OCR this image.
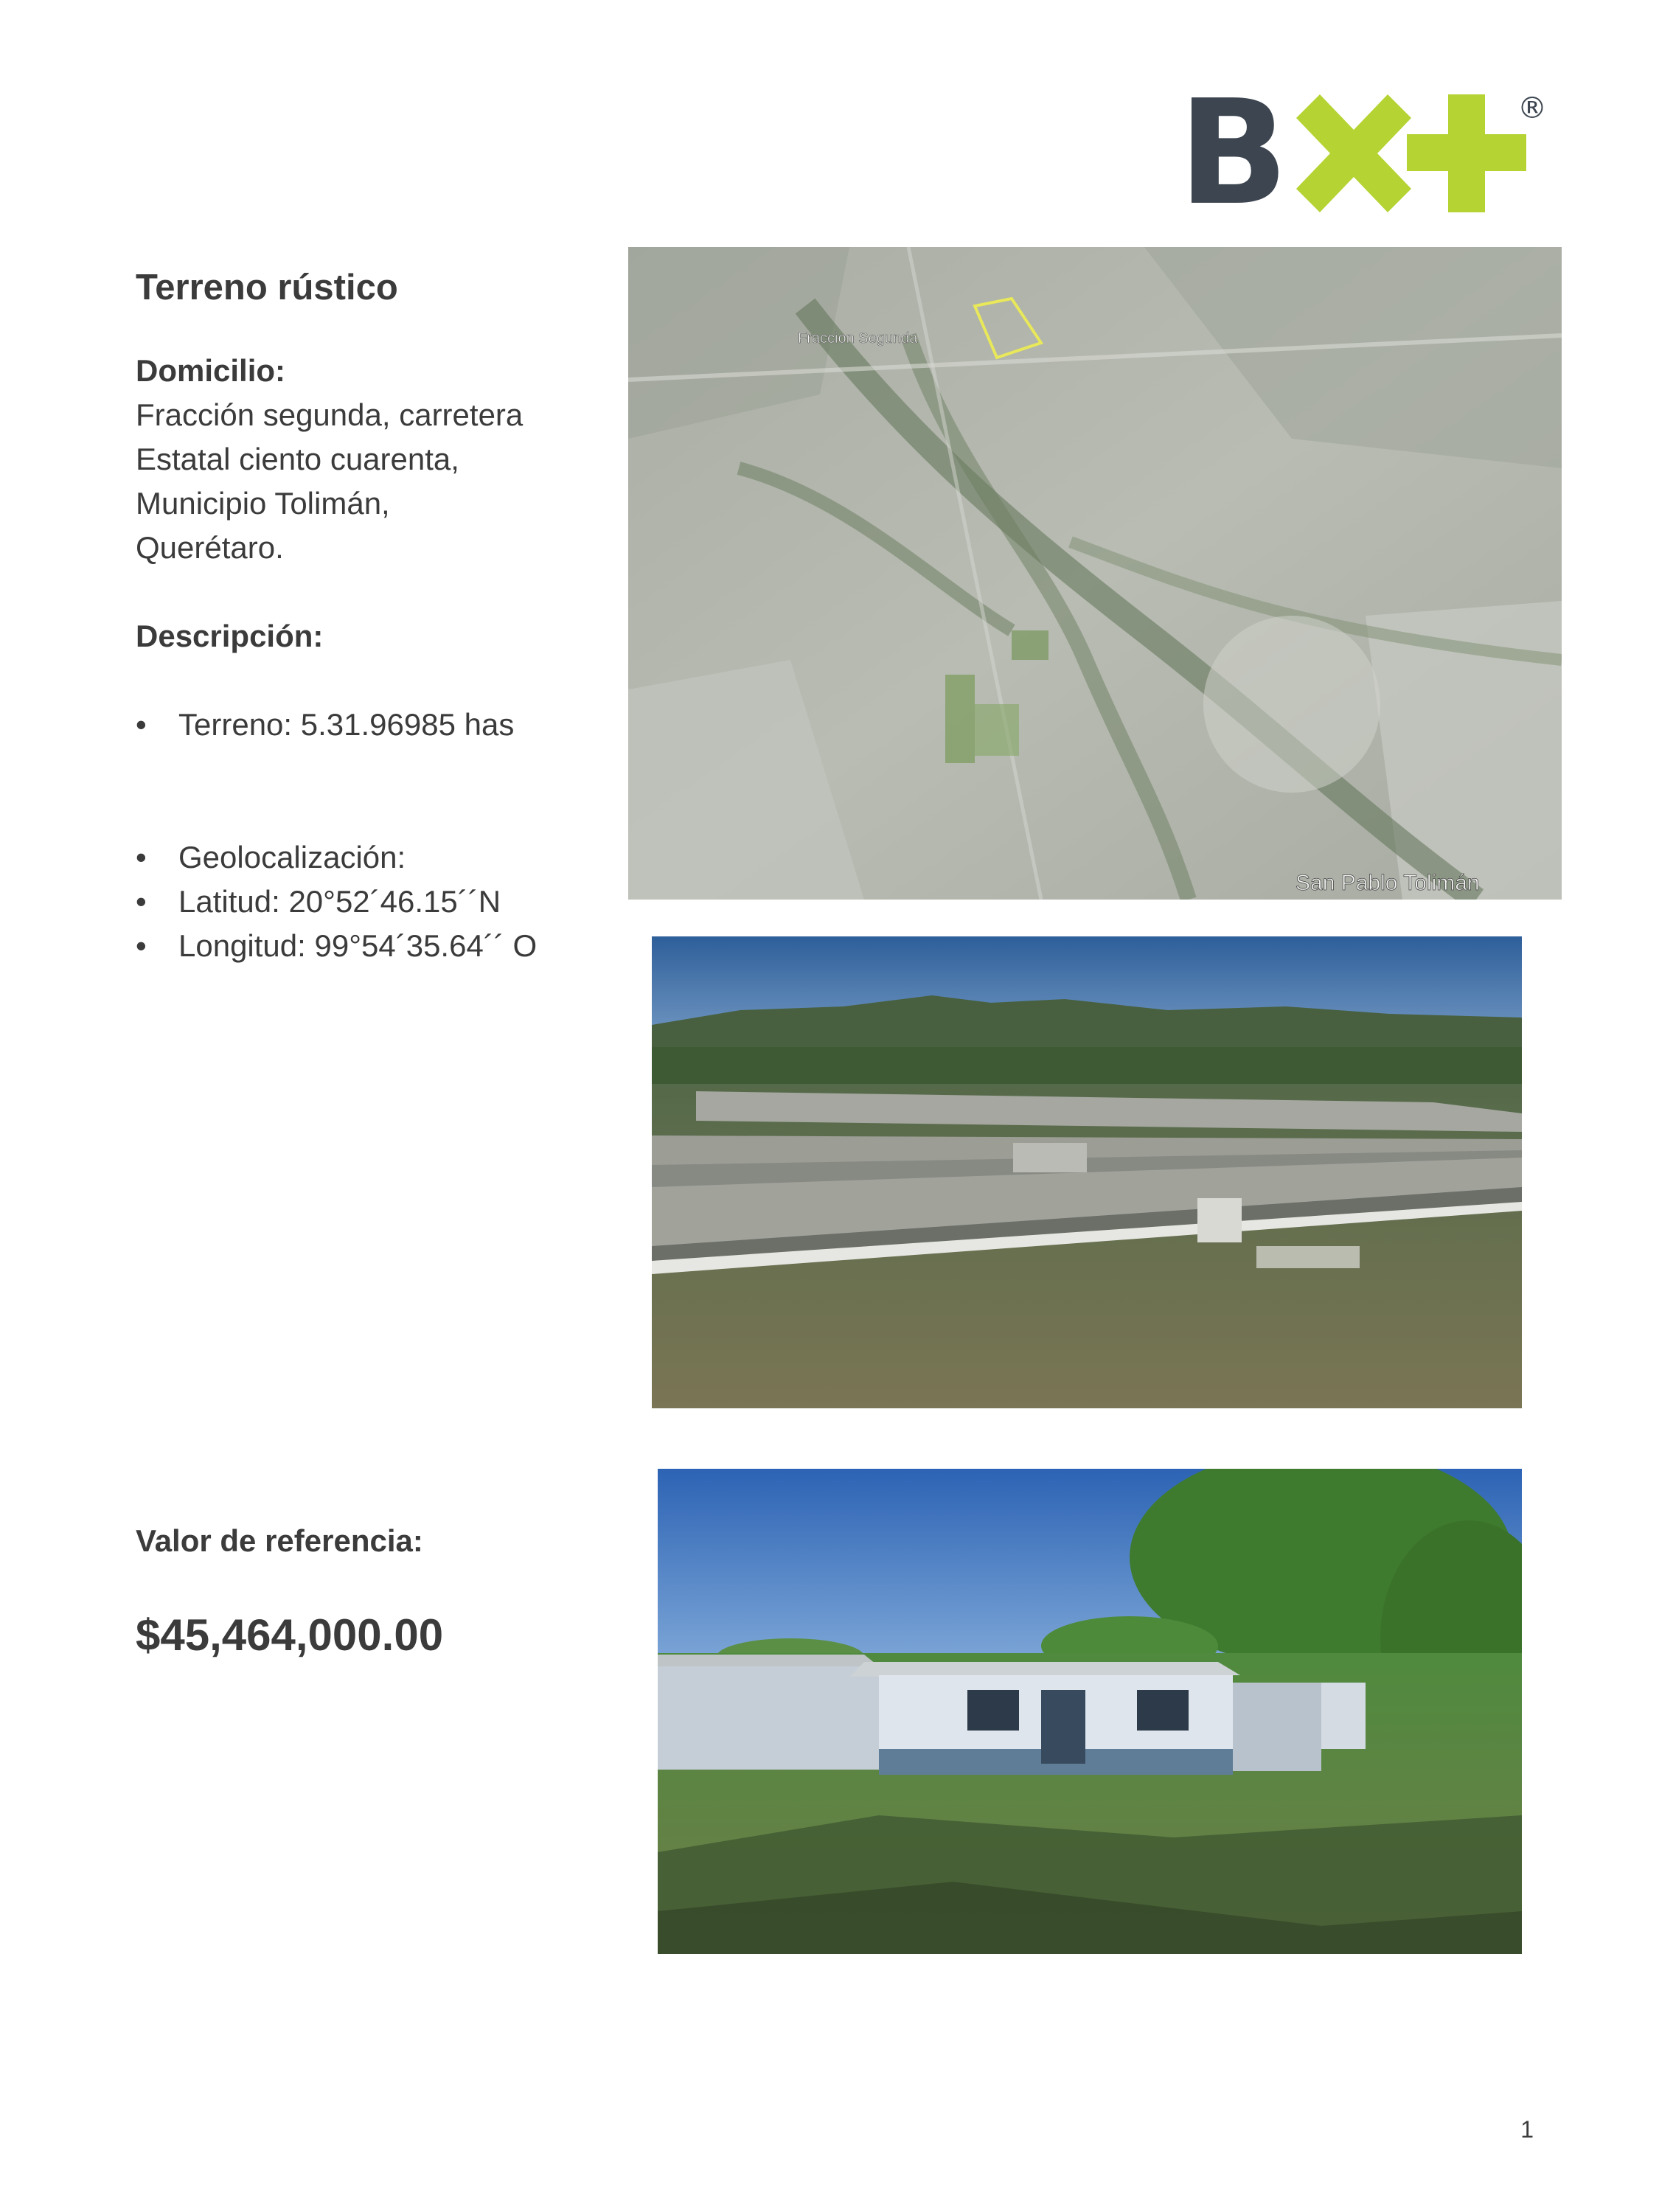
B	®
Terreno rústico

Domicilio:

Fracción segunda, carretera

Estatal ciento cuarenta,

Municipio Tolimán,

Querétaro.

Descripción:

• Terreno: 5.31.96985 has
• Geolocalización:
• Latitud: 20°52´46.15´´N
• Longitud: 99°54´35.64´´ O

Valor de referencia:

$45,464,000.00
Fraccion Segunda
San Pablo Tolimán
1
